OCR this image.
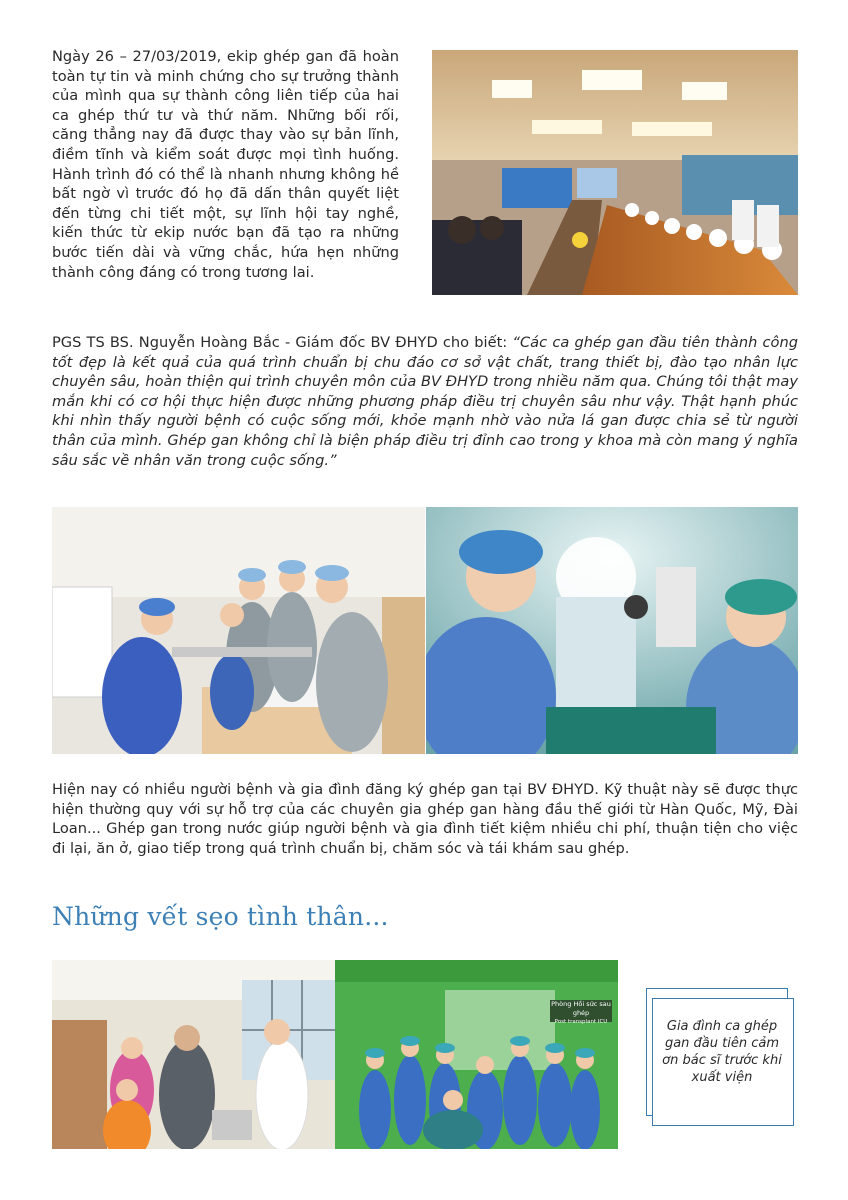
Ngày 26 – 27/03/2019, ekip ghép gan đã hoàn toàn tự tin và minh chứng cho sự trưởng thành của mình qua sự thành công liên tiếp của hai ca ghép thứ tư và thứ năm. Những bối rối, căng thẳng nay đã được thay vào sự bản lĩnh, điềm tĩnh và kiểm soát được mọi tình huống. Hành trình đó có thể là nhanh nhưng không hề bất ngờ vì trước đó họ đã dấn thân quyết liệt đến từng chi tiết một, sự lĩnh hội tay nghề, kiến thức từ ekip nước bạn đã tạo ra những bước tiến dài và vững chắc, hứa hẹn những thành công đáng có trong tương lai.

PGS TS BS. Nguyễn Hoàng Bắc - Giám đốc BV ĐHYD cho biết: “Các ca ghép gan đầu tiên thành công tốt đẹp là kết quả của quá trình chuẩn bị chu đáo cơ sở vật chất, trang thiết bị, đào tạo nhân lực chuyên sâu, hoàn thiện qui trình chuyên môn của BV ĐHYD trong nhiều năm qua. Chúng tôi thật may mắn khi có cơ hội thực hiện được những phương pháp điều trị chuyên sâu như vậy. Thật hạnh phúc khi nhìn thấy người bệnh có cuộc sống mới, khỏe mạnh nhờ vào nửa lá gan được chia sẻ từ người thân của mình. Ghép gan không chỉ là biện pháp điều trị đỉnh cao trong y khoa mà còn mang ý nghĩa sâu sắc về nhân văn trong cuộc sống.”

Hiện nay có nhiều người bệnh và gia đình đăng ký ghép gan tại BV ĐHYD. Kỹ thuật này sẽ được thực hiện thường quy với sự hỗ trợ của các chuyên gia ghép gan hàng đầu thế giới từ Hàn Quốc, Mỹ, Đài Loan... Ghép gan trong nước giúp người bệnh và gia đình tiết kiệm nhiều chi phí, thuận tiện cho việc đi lại, ăn ở, giao tiếp trong quá trình chuẩn bị, chăm sóc và tái khám sau ghép.

Những vết sẹo tình thân...
Phòng Hồi sức sau ghép
Post transplant ICU	Gia đình ca ghép gan đầu tiên cảm ơn bác sĩ trước khi xuất viện
